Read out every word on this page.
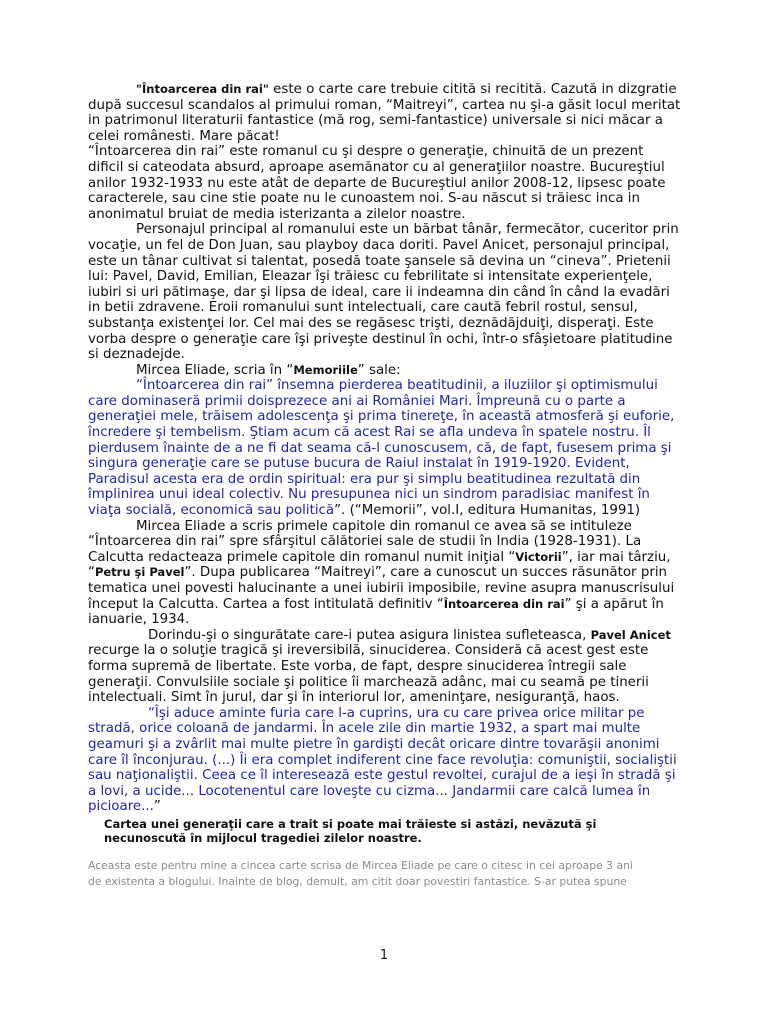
"Întoarcerea din rai" este o carte care trebuie citită si recitită. Cazută in dizgratie după succesul scandalos al primului roman, “Maitreyi”, cartea nu şi-a găsit locul meritat in patrimonul literaturii fantastice (mă rog, semi-fantastice) universale si nici măcar a celei românesti. Mare păcat!

“Întoarcerea din rai” este romanul cu şi despre o generaţie, chinuită de un prezent dificil si cateodata absurd, aproape asemănator cu al generaţiilor noastre. Bucureştiul anilor 1932-1933 nu este atât de departe de Bucureştiul anilor 2008-12, lipsesc poate caracterele, sau cine stie poate nu le cunoastem noi. S-au născut si trăiesc inca in anonimatul bruiat de media isterizanta a zilelor noastre.

Personajul principal al romanului este un bărbat tânăr, fermecător, cuceritor prin vocaţie, un fel de Don Juan, sau playboy daca doriti. Pavel Anicet, personajul principal, este un tânar cultivat si talentat, posedă toate şansele să devina un “cineva”. Prietenii lui: Pavel, David, Emilian, Eleazar îşi trăiesc cu febrilitate si intensitate experienţele, iubiri si uri pătimaşe, dar şi lipsa de ideal, care ii indeamna din când în când la evadări in betii zdravene. Eroii romanului sunt intelectuali, care caută febril rostul, sensul, substanţa existenţei lor. Cel mai des se regăsesc trişti, deznădăjduiţi, disperaţi. Este vorba despre o generaţie care îşi priveşte destinul în ochi, într-o sfâşietoare platitudine si deznadejde.

Mircea Eliade, scria în “Memoriile” sale:

“Întoarcerea din rai” însemna pierderea beatitudinii, a iluziilor şi optimismului care dominaseră primii doisprezece ani ai României Mari. Împreună cu o parte a generaţiei mele, trăisem adolescenţa şi prima tinereţe, în această atmosferă şi euforie, încredere şi tembelism. Ştiam acum că acest Rai se afla undeva în spatele nostru. Îl pierdusem înainte de a ne fi dat seama că-l cunoscusem, că, de fapt, fusesem prima şi singura generaţie care se putuse bucura de Raiul instalat în 1919-1920. Evident, Paradisul acesta era de ordin spiritual: era pur şi simplu beatitudinea rezultată din împlinirea unui ideal colectiv. Nu presupunea nici un sindrom paradisiac manifest în viaţa socială, economică sau politică”. (“Memorii”, vol.I, editura Humanitas, 1991)

Mircea Eliade a scris primele capitole din romanul ce avea să se intituleze “Întoarcerea din rai” spre sfârşitul călătoriei sale de studii în India (1928-1931). La Calcutta redacteaza primele capitole din romanul numit iniţial “Victorii”, iar mai târziu, “Petru şi Pavel”. Dupa publicarea “Maitreyi”, care a cunoscut un succes răsunător prin tematica unei povesti halucinante a unei iubirii imposibile, revine asupra manuscrisului început la Calcutta. Cartea a fost intitulată definitiv “Întoarcerea din rai” şi a apărut în ianuarie, 1934.

Dorindu-şi o singurătate care-i putea asigura linistea sufleteasca, Pavel Anicet recurge la o soluţie tragică şi ireversibilă, sinuciderea. Consideră că acest gest este forma supremă de libertate. Este vorba, de fapt, despre sinuciderea întregii sale generaţii. Convulsiile sociale şi politice îi marchează adânc, mai cu seamă pe tinerii intelectuali. Simt în jurul, dar şi în interiorul lor, ameninţare, nesiguranţă, haos.

“Îşi aduce aminte furia care l-a cuprins, ura cu care privea orice militar pe stradă, orice coloană de jandarmi. În acele zile din martie 1932, a spart mai multe geamuri şi a zvârlit mai multe pietre în gardişti decât oricare dintre tovarăşii anonimi care îl înconjurau. (...) Îi era complet indiferent cine face revoluţia: comuniştii, socialiştii sau naţionaliştii. Ceea ce îl interesează este gestul revoltei, curajul de a ieşi în stradă şi a lovi, a ucide... Locotenentul care loveşte cu cizma... Jandarmii care calcă lumea în picioare...”

Cartea unei generaţii care a trait si poate mai trăieste si astăzi, nevăzută şi necunoscută în mijlocul tragediei zilelor noastre.

Aceasta este pentru mine a cincea carte scrisa de Mircea Eliade pe care o citesc in cei aproape 3 ani
de existenta a blogului. Inainte de blog, demult, am citit doar povestiri fantastice. S-ar putea spune
1
